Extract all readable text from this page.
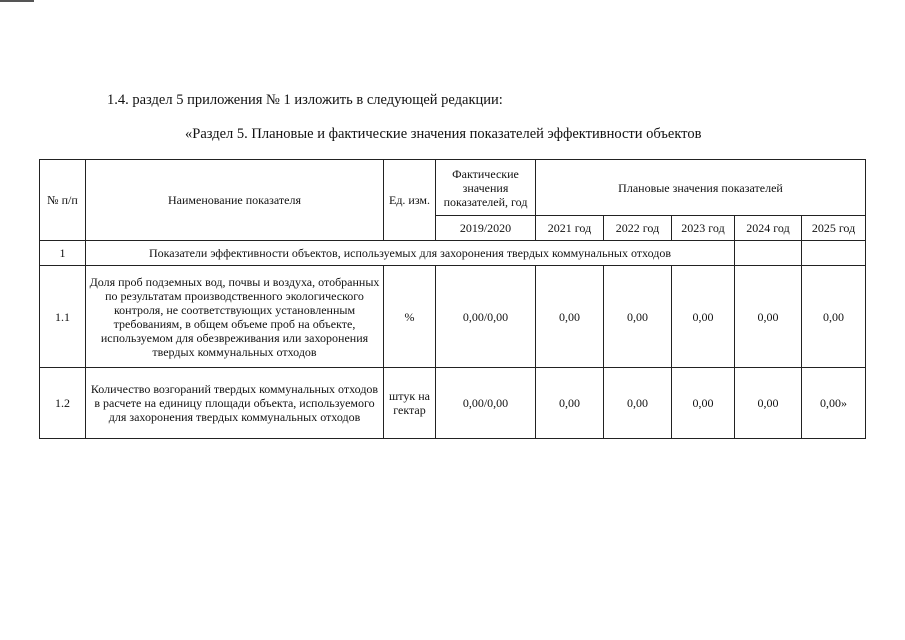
1.4. раздел 5 приложения № 1 изложить в следующей редакции:
«Раздел 5. Плановые и фактические значения показателей эффективности объектов
№ п/п	Наименование показателя	Ед. изм.	Фактические значения показателей, год	Плановые значения показателей				
			2019/2020	2021 год	2022 год	2023 год	2024 год	2025 год
1	Показатели эффективности объектов, используемых для захоронения твердых коммунальных отходов							
1.1	Доля проб подземных вод, почвы и воздуха, отобранных по результатам производственного экологического контроля, не соответствующих установленным требованиям, в общем объеме проб на объекте, используемом для обезвреживания или захоронения твердых коммунальных отходов	%	0,00/0,00	0,00	0,00	0,00	0,00	0,00
1.2	Количество возгораний твердых коммунальных отходов в расчете на единицу площади объекта, используемого для захоронения твердых коммунальных отходов	штук на гектар	0,00/0,00	0,00	0,00	0,00	0,00	0,00»
